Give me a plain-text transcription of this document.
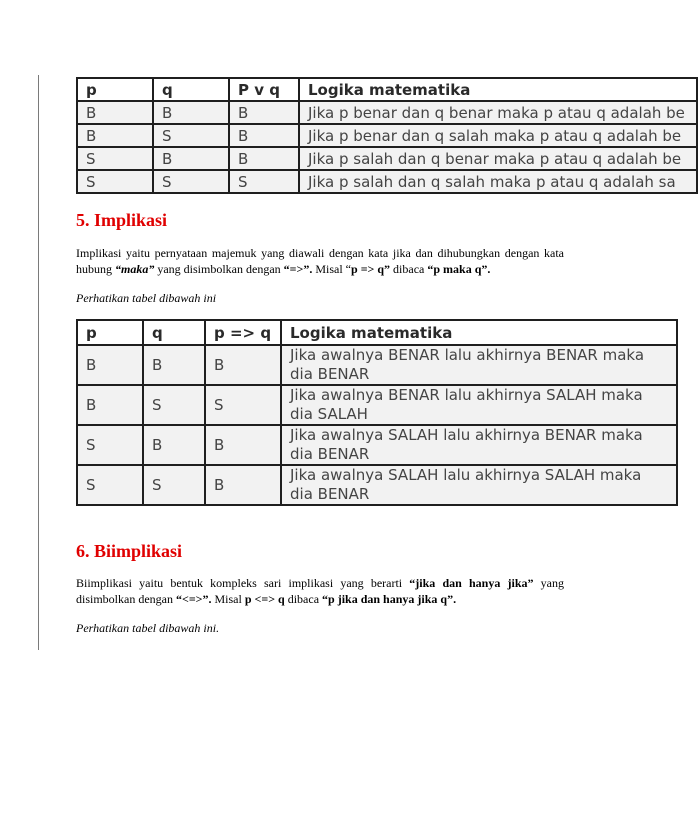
p	q	P v q	Logika matematika
B	B	B	Jika p benar dan q benar maka p atau q adalah be
B	S	B	Jika p benar dan q salah maka p atau q adalah be
S	B	B	Jika p salah dan q benar maka p atau q adalah be
S	S	S	Jika p salah dan q salah maka p atau q adalah sa
5. Implikasi

Implikasi yaitu pernyataan majemuk yang diawali dengan kata jika dan dihubungkan dengan kata hubung “maka” yang disimbolkan dengan “=>”. Misal “p => q” dibaca “p maka q”.

Perhatikan tabel dibawah ini

p	q	p => q	Logika matematika
B	B	B	Jika awalnya BENAR lalu akhirnya BENAR maka dia BENAR
B	S	S	Jika awalnya BENAR lalu akhirnya SALAH maka dia SALAH
S	B	B	Jika awalnya SALAH lalu akhirnya BENAR maka dia BENAR
S	S	B	Jika awalnya SALAH lalu akhirnya SALAH maka dia BENAR
6. Biimplikasi

Biimplikasi yaitu bentuk kompleks sari implikasi yang berarti “jika dan hanya jika” yang disimbolkan dengan “<=>”. Misal p <=> q dibaca “p jika dan hanya jika q”.

Perhatikan tabel dibawah ini.
